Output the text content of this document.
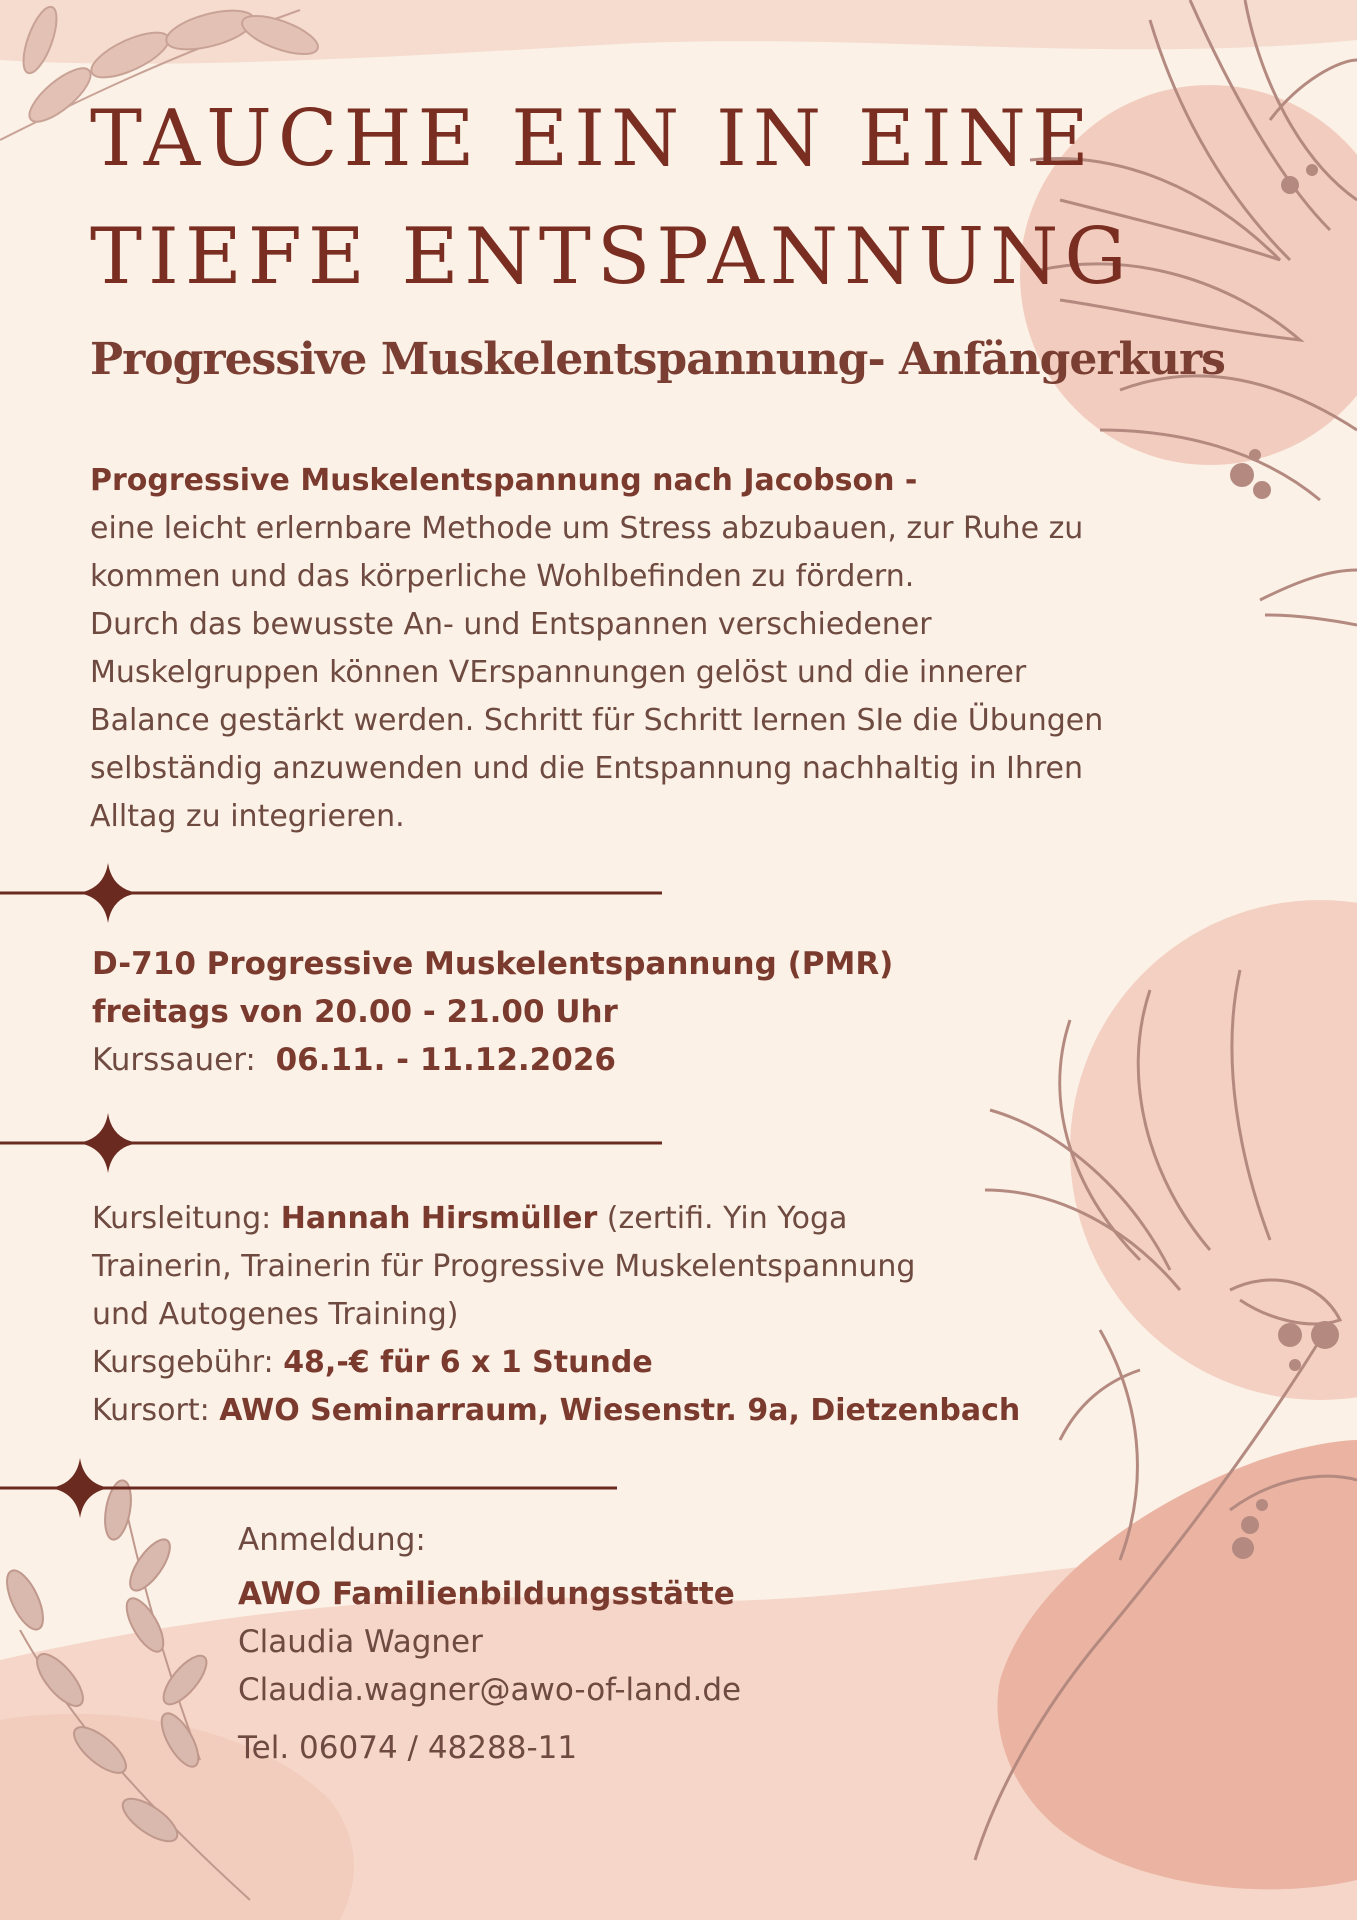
TAUCHE EIN IN EINE
TIEFE ENTSPANNUNG
Progressive Muskelentspannung- Anfängerkurs
Progressive Muskelentspannung nach Jacobson -
eine leicht erlernbare Methode um Stress abzubauen, zur Ruhe zu
kommen und das körperliche Wohlbefinden zu fördern.
Durch das bewusste An- und Entspannen verschiedener
Muskelgruppen können VErspannungen gelöst und die innerer
Balance gestärkt werden. Schritt für Schritt lernen SIe die Übungen
selbständig anzuwenden und die Entspannung nachhaltig in Ihren
Alltag zu integrieren.
D-710 Progressive Muskelentspannung (PMR)
freitags von 20.00 - 21.00 Uhr
Kurssauer: 06.11. - 11.12.2026
Kursleitung: Hannah Hirsmüller (zertifi. Yin Yoga
Trainerin, Trainerin für Progressive Muskelentspannung
und Autogenes Training)
Kursgebühr: 48,-€ für 6 x 1 Stunde
Kursort: AWO Seminarraum, Wiesenstr. 9a, Dietzenbach
Anmeldung:
AWO Familienbildungsstätte
Claudia Wagner
Claudia.wagner@awo-of-land.de
Tel. 06074 / 48288-11
